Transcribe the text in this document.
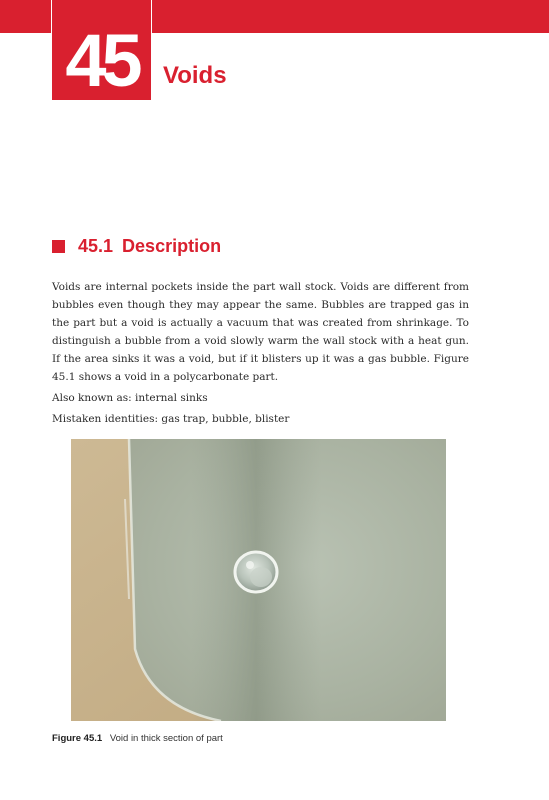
45	Voids
45.1 Description

Voids are internal pockets inside the part wall stock. Voids are different from bubbles even though they may appear the same. Bubbles are trapped gas in the part but a void is actually a vacuum that was created from shrinkage. To distinguish a bubble from a void slowly warm the wall stock with a heat gun. If the area sinks it was a void, but if it blisters up it was a gas bubble. Figure 45.1 shows a void in a polycarbonate part.

Also known as: internal sinks

Mistaken identities: gas trap, bubble, blister

Figure 45.1 Void in thick section of part
